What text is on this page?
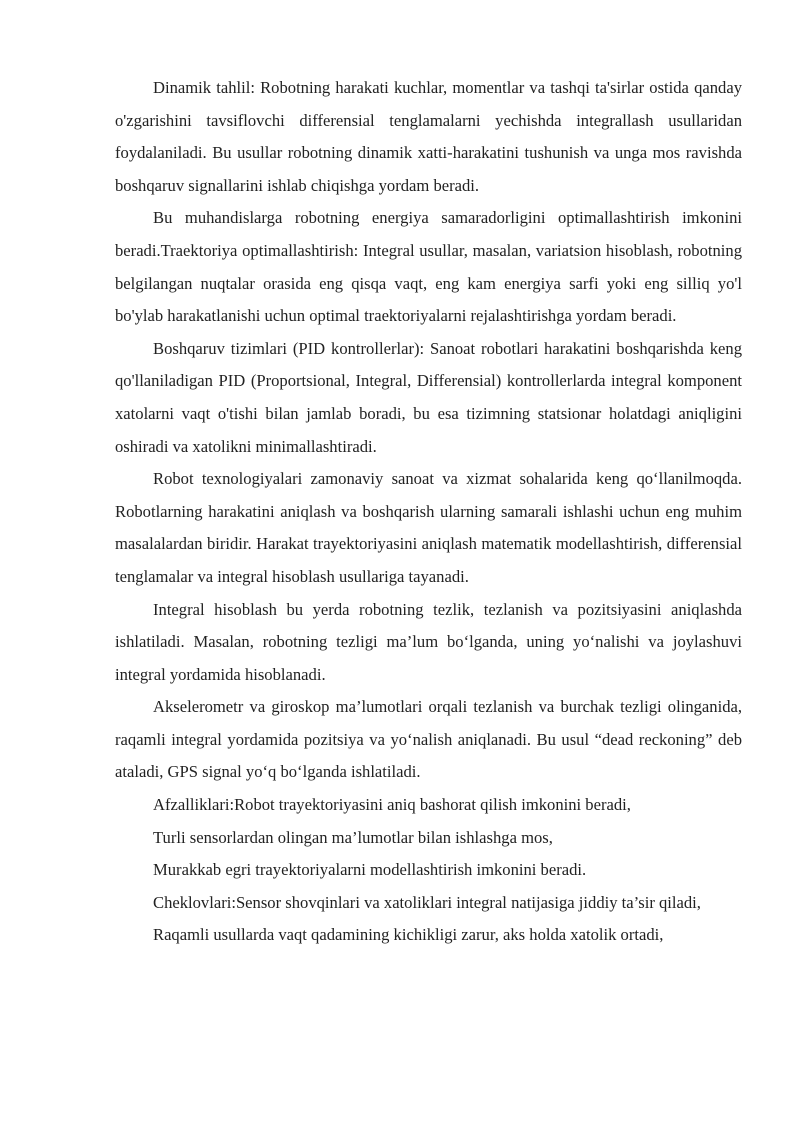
Dinamik tahlil: Robotning harakati kuchlar, momentlar va tashqi ta'sirlar ostida qanday o'zgarishini tavsiflovchi differensial tenglamalarni yechishda integrallash usullaridan foydalaniladi. Bu usullar robotning dinamik xatti-harakatini tushunish va unga mos ravishda boshqaruv signallarini ishlab chiqishga yordam beradi.

Bu muhandislarga robotning energiya samaradorligini optimallashtirish imkonini beradi.Traektoriya optimallashtirish: Integral usullar, masalan, variatsion hisoblash, robotning belgilangan nuqtalar orasida eng qisqa vaqt, eng kam energiya sarfi yoki eng silliq yo'l bo'ylab harakatlanishi uchun optimal traektoriyalarni rejalashtirishga yordam beradi.

Boshqaruv tizimlari (PID kontrollerlar): Sanoat robotlari harakatini boshqarishda keng qo'llaniladigan PID (Proportsional, Integral, Differensial) kontrollerlarda integral komponent xatolarni vaqt o'tishi bilan jamlab boradi, bu esa tizimning statsionar holatdagi aniqligini oshiradi va xatolikni minimallashtiradi.

Robot texnologiyalari zamonaviy sanoat va xizmat sohalarida keng qo‘llanilmoqda. Robotlarning harakatini aniqlash va boshqarish ularning samarali ishlashi uchun eng muhim masalalardan biridir. Harakat trayektoriyasini aniqlash matematik modellashtirish, differensial tenglamalar va integral hisoblash usullariga tayanadi.

Integral hisoblash bu yerda robotning tezlik, tezlanish va pozitsiyasini aniqlashda ishlatiladi. Masalan, robotning tezligi ma’lum bo‘lganda, uning yo‘nalishi va joylashuvi integral yordamida hisoblanadi.

Akselerometr va giroskop ma’lumotlari orqali tezlanish va burchak tezligi olinganida, raqamli integral yordamida pozitsiya va yo‘nalish aniqlanadi. Bu usul “dead reckoning” deb ataladi, GPS signal yo‘q bo‘lganda ishlatiladi.

Afzalliklari:Robot trayektoriyasini aniq bashorat qilish imkonini beradi,

Turli sensorlardan olingan ma’lumotlar bilan ishlashga mos,

Murakkab egri trayektoriyalarni modellashtirish imkonini beradi.

Cheklovlari:Sensor shovqinlari va xatoliklari integral natijasiga jiddiy ta’sir qiladi,

Raqamli usullarda vaqt qadamining kichikligi zarur, aks holda xatolik ortadi,
